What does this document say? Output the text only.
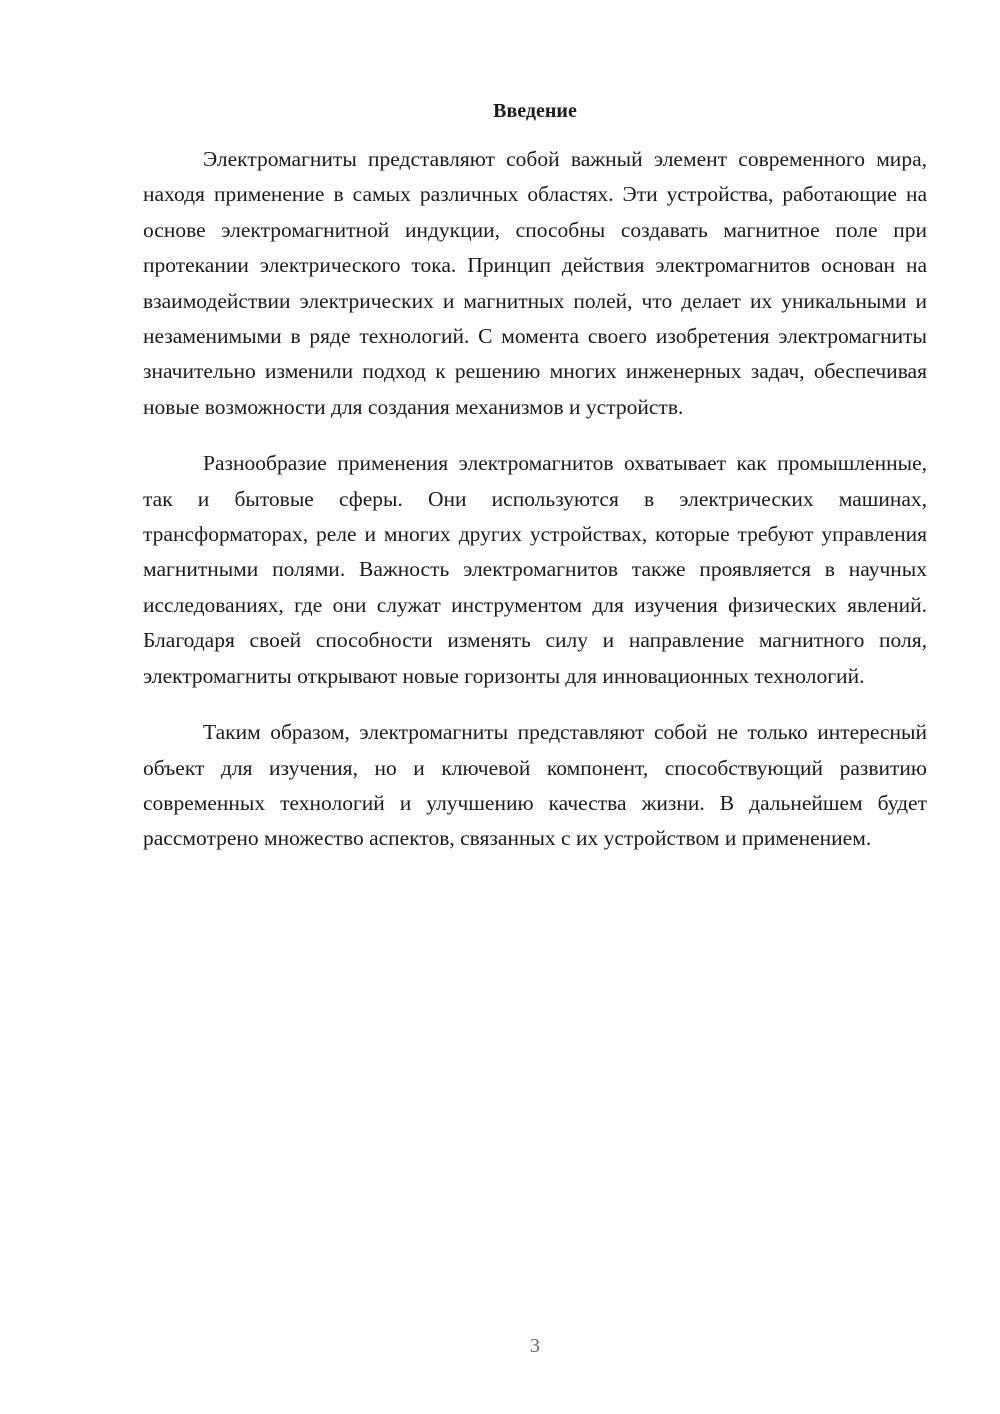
Введение

Электромагниты представляют собой важный элемент современного мира, находя применение в самых различных областях. Эти устройства, работающие на основе электромагнитной индукции, способны создавать магнитное поле при протекании электрического тока. Принцип действия электромагнитов основан на взаимодействии электрических и магнитных полей, что делает их уникальными и незаменимыми в ряде технологий. С момента своего изобретения электромагниты значительно изменили подход к решению многих инженерных задач, обеспечивая новые возможности для создания механизмов и устройств.

Разнообразие применения электромагнитов охватывает как промышленные, так и бытовые сферы. Они используются в электрических машинах, трансформаторах, реле и многих других устройствах, которые требуют управления магнитными полями. Важность электромагнитов также проявляется в научных исследованиях, где они служат инструментом для изучения физических явлений. Благодаря своей способности изменять силу и направление магнитного поля, электромагниты открывают новые горизонты для инновационных технологий.

Таким образом, электромагниты представляют собой не только интересный объект для изучения, но и ключевой компонент, способствующий развитию современных технологий и улучшению качества жизни. В дальнейшем будет рассмотрено множество аспектов, связанных с их устройством и применением.

3
